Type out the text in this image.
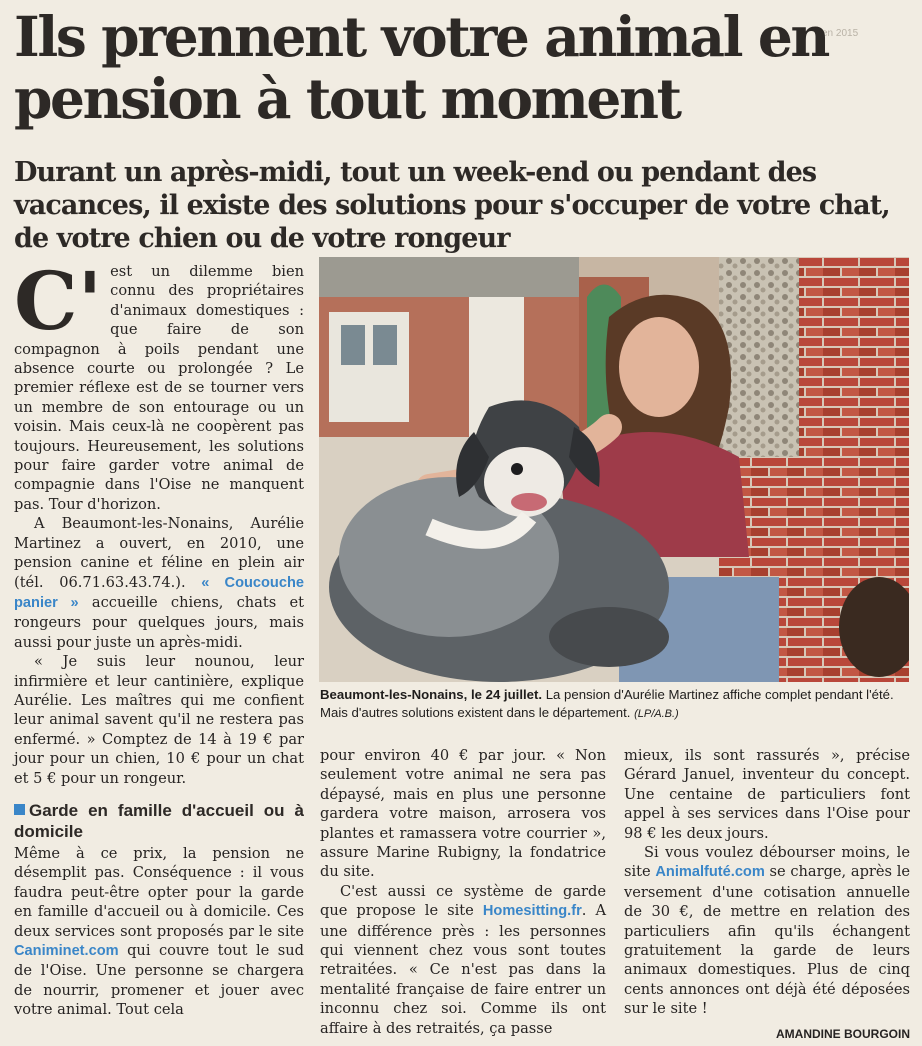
en 2015
Ils prennent votre animal en pension à tout moment
Durant un après-midi, tout un week-end ou pendant des vacances, il existe des solutions pour s'occuper de votre chat, de votre chien ou de votre rongeur
Beaumont-les-Nonains, le 24 juillet. La pension d'Aurélie Martinez affiche complet pendant l'été. Mais d'autres solutions existent dans le département. (LP/A.B.)

C' est un dilemme bien connu des propriétaires d'animaux domestiques : que faire de son compagnon à poils pendant une absence courte ou prolongée ? Le premier réflexe est de se tourner vers un membre de son entourage ou un voisin. Mais ceux-là ne coopèrent pas toujours. Heureusement, les solutions pour faire garder votre animal de compagnie dans l'Oise ne manquent pas. Tour d'horizon.

A Beaumont-les-Nonains, Aurélie Martinez a ouvert, en 2010, une pension canine et féline en plein air (tél. 06.71.63.43.74.). « Coucouche panier » accueille chiens, chats et rongeurs pour quelques jours, mais aussi pour juste un après-midi.

« Je suis leur nounou, leur infirmière et leur cantinière, explique Aurélie. Les maîtres qui me confient leur animal savent qu'il ne restera pas enfermé. » Comptez de 14 à 19 € par jour pour un chien, 10 € pour un chat et 5 € pour un rongeur.

Garde en famille d'accueil ou à domicile

Même à ce prix, la pension ne désemplit pas. Conséquence : il vous faudra peut-être opter pour la garde en famille d'accueil ou à domicile. Ces deux services sont proposés par le site Caniminet.com qui couvre tout le sud de l'Oise. Une personne se chargera de nourrir, promener et jouer avec votre animal. Tout cela

pour environ 40 € par jour. « Non seulement votre animal ne sera pas dépaysé, mais en plus une personne gardera votre maison, arrosera vos plantes et ramassera votre courrier », assure Marine Rubigny, la fondatrice du site.

C'est aussi ce système de garde que propose le site Homesitting.fr. A une différence près : les personnes qui viennent chez vous sont toutes retraitées. « Ce n'est pas dans la mentalité française de faire entrer un inconnu chez soi. Comme ils ont affaire à des retraités, ça passe

mieux, ils sont rassurés », précise Gérard Januel, inventeur du concept. Une centaine de particuliers font appel à ses services dans l'Oise pour 98 € les deux jours.

Si vous voulez débourser moins, le site Animalfuté.com se charge, après le versement d'une cotisation annuelle de 30 €, de mettre en relation des particuliers afin qu'ils échangent gratuitement la garde de leurs animaux domestiques. Plus de cinq cents annonces ont déjà été déposées sur le site !

AMANDINE BOURGOIN
